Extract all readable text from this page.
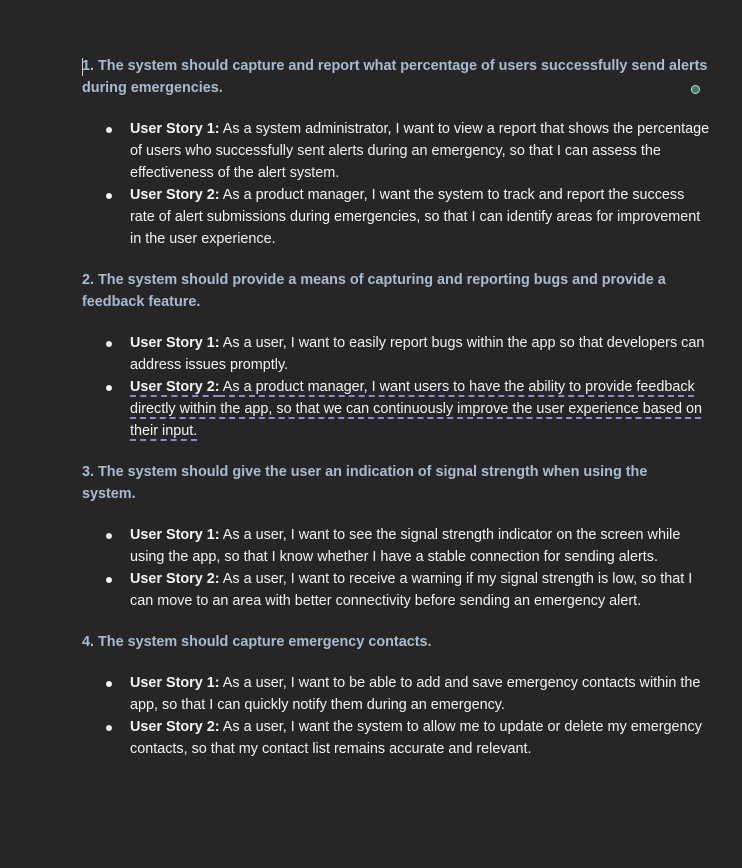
1. The system should capture and report what percentage of users successfully send alerts during emergencies.

User Story 1: As a system administrator, I want to view a report that shows the percentage of users who successfully sent alerts during an emergency, so that I can assess the effectiveness of the alert system.
User Story 2: As a product manager, I want the system to track and report the success rate of alert submissions during emergencies, so that I can identify areas for improvement in the user experience.

2. The system should provide a means of capturing and reporting bugs and provide a feedback feature.

User Story 1: As a user, I want to easily report bugs within the app so that developers can address issues promptly.
User Story 2: As a product manager, I want users to have the ability to provide feedback directly within the app, so that we can continuously improve the user experience based on their input.

3. The system should give the user an indication of signal strength when using the system.

User Story 1: As a user, I want to see the signal strength indicator on the screen while using the app, so that I know whether I have a stable connection for sending alerts.
User Story 2: As a user, I want to receive a warning if my signal strength is low, so that I can move to an area with better connectivity before sending an emergency alert.

4. The system should capture emergency contacts.

User Story 1: As a user, I want to be able to add and save emergency contacts within the app, so that I can quickly notify them during an emergency.
User Story 2: As a user, I want the system to allow me to update or delete my emergency contacts, so that my contact list remains accurate and relevant.
